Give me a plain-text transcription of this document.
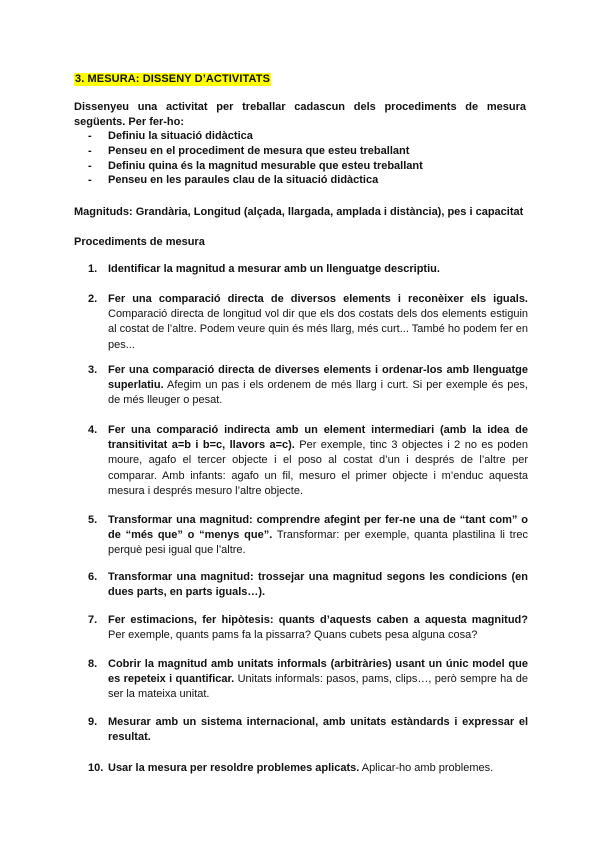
3. MESURA: DISSENY D’ACTIVITATS
Dissenyeu una activitat per treballar cadascun dels procediments de mesura següents. Per fer-ho:
- Definiu la situació didàctica
- Penseu en el procediment de mesura que esteu treballant
- Definiu quina és la magnitud mesurable que esteu treballant
- Penseu en les paraules clau de la situació didàctica
Magnituds: Grandària, Longitud (alçada, llargada, amplada i distància), pes i capacitat
Procediments de mesura
1. Identificar la magnitud a mesurar amb un llenguatge descriptiu.
2. Fer una comparació directa de diversos elements i reconèixer els iguals. Comparació directa de longitud vol dir que els dos costats dels dos elements estiguin al costat de l’altre. Podem veure quin és més llarg, més curt... També ho podem fer en pes...
3. Fer una comparació directa de diverses elements i ordenar-los amb llenguatge superlatiu. Afegim un pas i els ordenem de més llarg i curt. Si per exemple és pes, de més lleuger o pesat.
4. Fer una comparació indirecta amb un element intermediari (amb la idea de transitivitat a=b i b=c, llavors a=c). Per exemple, tinc 3 objectes i 2 no es poden moure, agafo el tercer objecte i el poso al costat d’un i després de l’altre per comparar. Amb infants: agafo un fil, mesuro el primer objecte i m’enduc aquesta mesura i després mesuro l’altre objecte.
5. Transformar una magnitud: comprendre afegint per fer-ne una de “tant com” o de “més que” o “menys que”. Transformar: per exemple, quanta plastilina li trec perquè pesi igual que l’altre.
6. Transformar una magnitud: trossejar una magnitud segons les condicions (en dues parts, en parts iguals…).
7. Fer estimacions, fer hipòtesis: quants d’aquests caben a aquesta magnitud? Per exemple, quants pams fa la pissarra? Quans cubets pesa alguna cosa?
8. Cobrir la magnitud amb unitats informals (arbitràries) usant un únic model que es repeteix i quantificar. Unitats informals: pasos, pams, clips…, però sempre ha de ser la mateixa unitat.
9. Mesurar amb un sistema internacional, amb unitats estàndards i expressar el resultat.
10. Usar la mesura per resoldre problemes aplicats. Aplicar-ho amb problemes.
